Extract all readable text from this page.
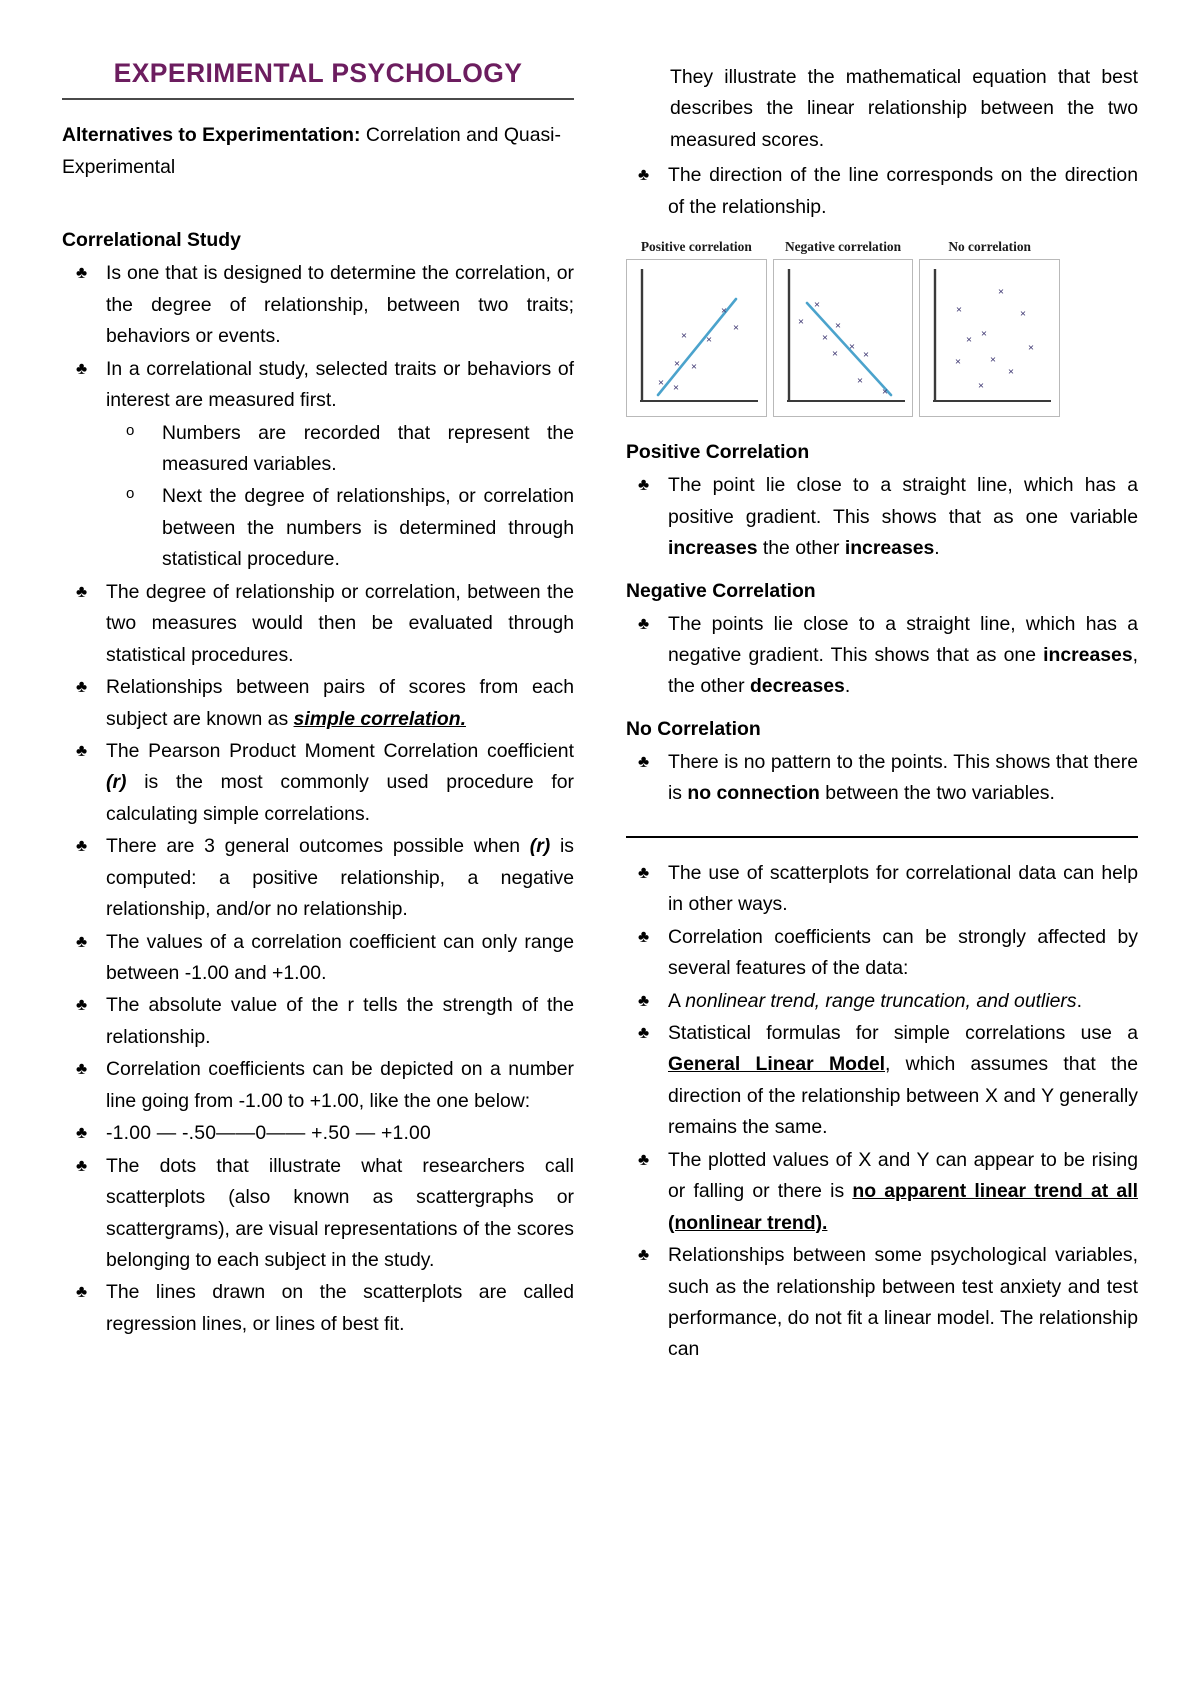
EXPERIMENTAL PSYCHOLOGY

Alternatives to Experimentation: Correlation and Quasi-Experimental

Correlational Study
♣ Is one that is designed to determine the correlation, or the degree of relationship, between two traits; behaviors or events.
♣ In a correlational study, selected traits or behaviors of interest are measured first.
o Numbers are recorded that represent the measured variables.
o Next the degree of relationships, or correlation between the numbers is determined through statistical procedure.
♣ The degree of relationship or correlation, between the two measures would then be evaluated through statistical procedures.
♣ Relationships between pairs of scores from each subject are known as simple correlation.
♣ The Pearson Product Moment Correlation coefficient (r) is the most commonly used procedure for calculating simple correlations.
♣ There are 3 general outcomes possible when (r) is computed: a positive relationship, a negative relationship, and/or no relationship.
♣ The values of a correlation coefficient can only range between -1.00 and +1.00.
♣ The absolute value of the r tells the strength of the relationship.
♣ Correlation coefficients can be depicted on a number line going from -1.00 to +1.00, like the one below:
♣ -1.00 — -.50——0—— +.50 — +1.00
♣ The dots that illustrate what researchers call scatterplots (also known as scattergraphs or scattergrams), are visual representations of the scores belonging to each subject in the study.
♣ The lines drawn on the scatterplots are called regression lines, or lines of best fit.

They illustrate the mathematical equation that best describes the linear relationship between the two measured scores.

♣ The direction of the line corresponds on the direction of the relationship.
Positive correlation
× ×
× ×
× ×
×
×
Negative correlation
×
×
×
×
×
×
×
×
×
No correlation
×
×	×
×
×
×
×	×
×
×
Positive Correlation
♣ The point lie close to a straight line, which has a positive gradient. This shows that as one variable increases the other increases.
Negative Correlation
♣ The points lie close to a straight line, which has a negative gradient. This shows that as one increases, the other decreases.
No Correlation
♣ There is no pattern to the points. This shows that there is no connection between the two variables.
♣ The use of scatterplots for correlational data can help in other ways.
♣ Correlation coefficients can be strongly affected by several features of the data:
♣ A nonlinear trend, range truncation, and outliers.
♣ Statistical formulas for simple correlations use a General Linear Model, which assumes that the direction of the relationship between X and Y generally remains the same.
♣ The plotted values of X and Y can appear to be rising or falling or there is no apparent linear trend at all (nonlinear trend).
♣ Relationships between some psychological variables, such as the relationship between test anxiety and test performance, do not fit a linear model. The relationship can
